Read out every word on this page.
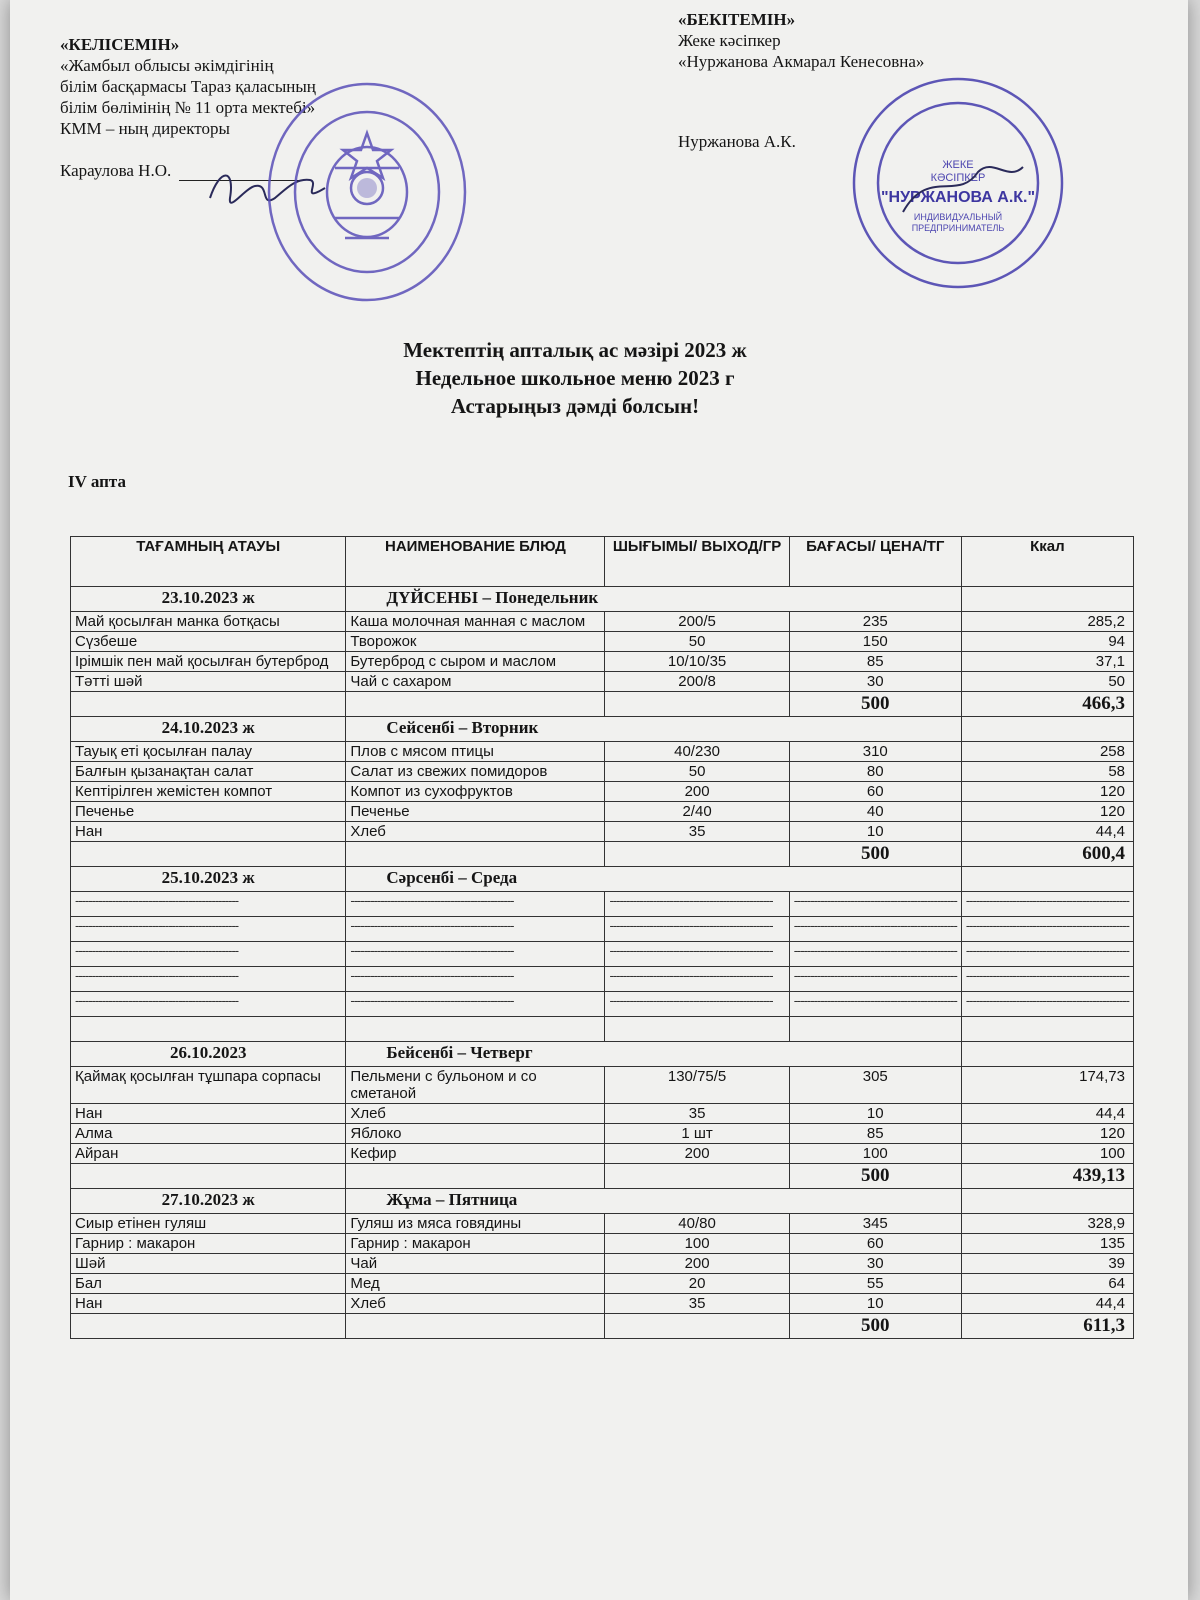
«КЕЛІСЕМІН»
«Жамбыл облысы әкімдігінің
білім басқармасы Тараз қаласының
білім бөлімінің № 11 орта мектебі»
КММ – ның директоры
Караулова Н.О.
«БЕКІТЕМІН»
Жеке кәсіпкер
«Нуржанова Акмарал Кенесовна»
Нуржанова А.К.
ЖЕКЕ
КӘСІПКЕР
"НУРЖАНОВА А.К."
ИНДИВИДУАЛЬНЫЙ
ПРЕДПРИНИМАТЕЛЬ
Мектептің апталық ас мәзірі 2023 ж
Недельное школьное меню 2023 г
Астарыңыз дәмді болсын!
IV апта
ТАҒАМНЫҢ АТАУЫ	НАИМЕНОВАНИЕ БЛЮД	ШЫҒЫМЫ/ ВЫХОД/ГР	БАҒАСЫ/ ЦЕНА/ТГ	Ккал
23.10.2023 ж	ДҮЙСЕНБІ – Понедельник			
Май қосылған манка ботқасы	Каша молочная манная с маслом	200/5	235	285,2
Сүзбеше	Творожок	50	150	94
Ірімшік пен май қосылған бутерброд	Бутерброд с сыром и маслом	10/10/35	85	37,1
Тәтті шәй	Чай с сахаром	200/8	30	50
			500	466,3
24.10.2023 ж	Сейсенбі – Вторник			
Тауық еті қосылған палау	Плов с мясом птицы	40/230	310	258
Балғын қызанақтан салат	Салат из свежих помидоров	50	80	58
Кептірілген жемістен компот	Компот из сухофруктов	200	60	120
Печенье	Печенье	2/40	40	120
Нан	Хлеб	35	10	44,4
			500	600,4
25.10.2023 ж	Сәрсенбі – Среда			
-------------------------------------------------	-------------------------------------------------	-------------------------------------------------	-------------------------------------------------	-------------------------------------------------
-------------------------------------------------	-------------------------------------------------	-------------------------------------------------	-------------------------------------------------	-------------------------------------------------
-------------------------------------------------	-------------------------------------------------	-------------------------------------------------	-------------------------------------------------	-------------------------------------------------
-------------------------------------------------	-------------------------------------------------	-------------------------------------------------	-------------------------------------------------	-------------------------------------------------
-------------------------------------------------	-------------------------------------------------	-------------------------------------------------	-------------------------------------------------	-------------------------------------------------

26.10.2023	Бейсенбі – Четверг			
Қаймақ қосылған тұшпара сорпасы	Пельмени с бульоном и со сметаной	130/75/5	305	174,73
Нан	Хлеб	35	10	44,4
Алма	Яблоко	1 шт	85	120
Айран	Кефир	200	100	100
			500	439,13
27.10.2023 ж	Жұма – Пятница			
Сиыр етінен гуляш	Гуляш из мяса говядины	40/80	345	328,9
Гарнир : макарон	Гарнир : макарон	100	60	135
Шәй	Чай	200	30	39
Бал	Мед	20	55	64
Нан	Хлеб	35	10	44,4
			500	611,3
